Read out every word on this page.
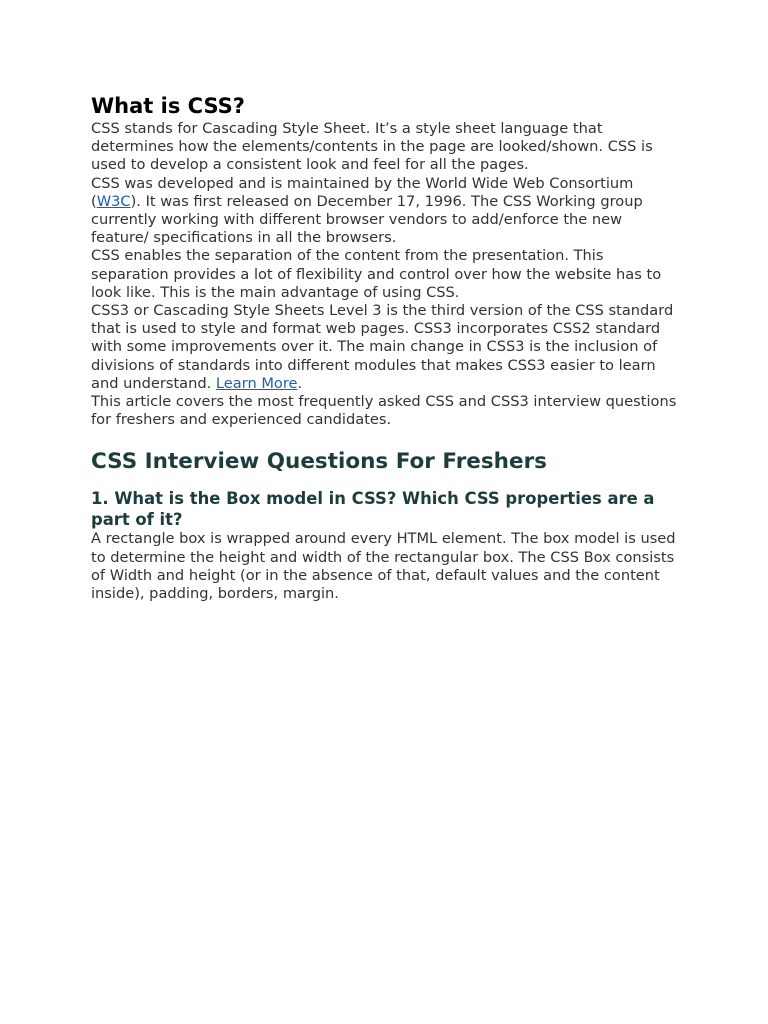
What is CSS?

CSS stands for Cascading Style Sheet. It’s a style sheet language that determines how the elements/contents in the page are looked/shown. CSS is used to develop a consistent look and feel for all the pages.

CSS was developed and is maintained by the World Wide Web Consortium (W3C). It was first released on December 17, 1996. The CSS Working group currently working with different browser vendors to add/enforce the new feature/ specifications in all the browsers.

CSS enables the separation of the content from the presentation. This separation provides a lot of flexibility and control over how the website has to look like. This is the main advantage of using CSS.

CSS3 or Cascading Style Sheets Level 3 is the third version of the CSS standard that is used to style and format web pages. CSS3 incorporates CSS2 standard with some improvements over it. The main change in CSS3 is the inclusion of divisions of standards into different modules that makes CSS3 easier to learn and understand. Learn More.

This article covers the most frequently asked CSS and CSS3 interview questions for freshers and experienced candidates.

CSS Interview Questions For Freshers
1. What is the Box model in CSS? Which CSS properties are a part of it?

A rectangle box is wrapped around every HTML element. The box model is used to determine the height and width of the rectangular box. The CSS Box consists of Width and height (or in the absence of that, default values and the content inside), padding, borders, margin.
